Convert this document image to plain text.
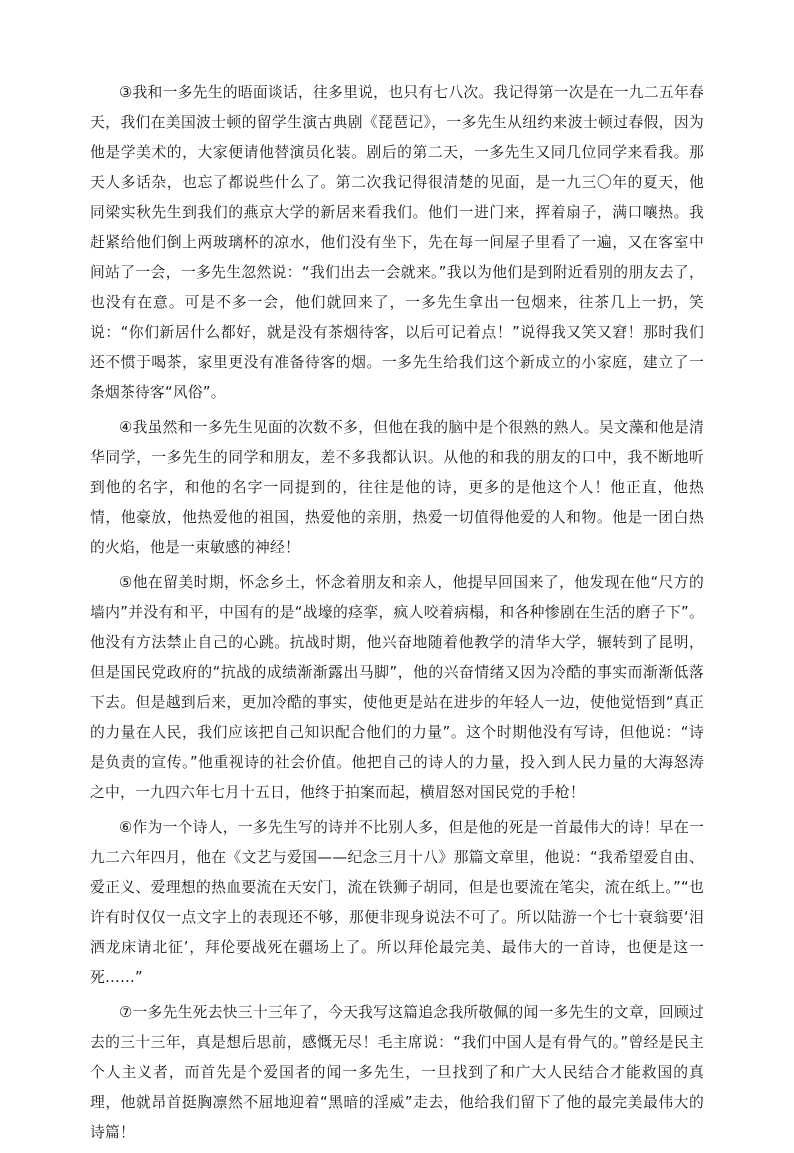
③我和一多先生的晤面谈话，往多里说，也只有七八次。我记得第一次是在一九二五年春天，我们在美国波士顿的留学生演古典剧《琵琶记》，一多先生从纽约来波士顿过春假，因为他是学美术的，大家便请他替演员化装。剧后的第二天，一多先生又同几位同学来看我。那天人多话杂，也忘了都说些什么了。第二次我记得很清楚的见面，是一九三〇年的夏天，他同梁实秋先生到我们的燕京大学的新居来看我们。他们一进门来，挥着扇子，满口嚷热。我赶紧给他们倒上两玻璃杯的凉水，他们没有坐下，先在每一间屋子里看了一遍，又在客室中间站了一会，一多先生忽然说：“我们出去一会就来。”我以为他们是到附近看别的朋友去了，也没有在意。可是不多一会，他们就回来了，一多先生拿出一包烟来，往茶几上一扔，笑说：“你们新居什么都好，就是没有茶烟待客，以后可记着点！”说得我又笑又窘！那时我们还不惯于喝茶，家里更没有准备待客的烟。一多先生给我们这个新成立的小家庭，建立了一条烟茶待客“风俗”。

④我虽然和一多先生见面的次数不多，但他在我的脑中是个很熟的熟人。吴文藻和他是清华同学，一多先生的同学和朋友，差不多我都认识。从他的和我的朋友的口中，我不断地听到他的名字，和他的名字一同提到的，往往是他的诗，更多的是他这个人！他正直，他热情，他豪放，他热爱他的祖国，热爱他的亲朋，热爱一切值得他爱的人和物。他是一团白热的火焰，他是一束敏感的神经！

⑤他在留美时期，怀念乡土，怀念着朋友和亲人，他提早回国来了，他发现在他“尺方的墙内”并没有和平，中国有的是“战壕的痉挛，疯人咬着病榻，和各种惨剧在生活的磨子下”。他没有方法禁止自己的心跳。抗战时期，他兴奋地随着他教学的清华大学，辗转到了昆明，但是国民党政府的“抗战的成绩渐渐露出马脚”，他的兴奋情绪又因为冷酷的事实而渐渐低落下去。但是越到后来，更加冷酷的事实，使他更是站在进步的年轻人一边，使他觉悟到“真正的力量在人民，我们应该把自己知识配合他们的力量”。这个时期他没有写诗，但他说：“诗是负责的宣传。”他重视诗的社会价值。他把自己的诗人的力量，投入到人民力量的大海怒涛之中，一九四六年七月十五日，他终于拍案而起，横眉怒对国民党的手枪！

⑥作为一个诗人，一多先生写的诗并不比别人多，但是他的死是一首最伟大的诗！早在一九二六年四月，他在《文艺与爱国——纪念三月十八》那篇文章里，他说：“我希望爱自由、爱正义、爱理想的热血要流在天安门，流在铁狮子胡同，但是也要流在笔尖，流在纸上。”“也许有时仅仅一点文字上的表现还不够，那便非现身说法不可了。所以陆游一个七十衰翁要‘泪洒龙床请北征’，拜伦要战死在疆场上了。所以拜伦最完美、最伟大的一首诗，也便是这一死……”

⑦一多先生死去快三十三年了，今天我写这篇追念我所敬佩的闻一多先生的文章，回顾过去的三十三年，真是想后思前，感慨无尽！毛主席说：“我们中国人是有骨气的。”曾经是民主个人主义者，而首先是个爱国者的闻一多先生，一旦找到了和广大人民结合才能救国的真理，他就昂首挺胸凛然不屈地迎着“黑暗的淫威”走去，他给我们留下了他的最完美最伟大的诗篇！
